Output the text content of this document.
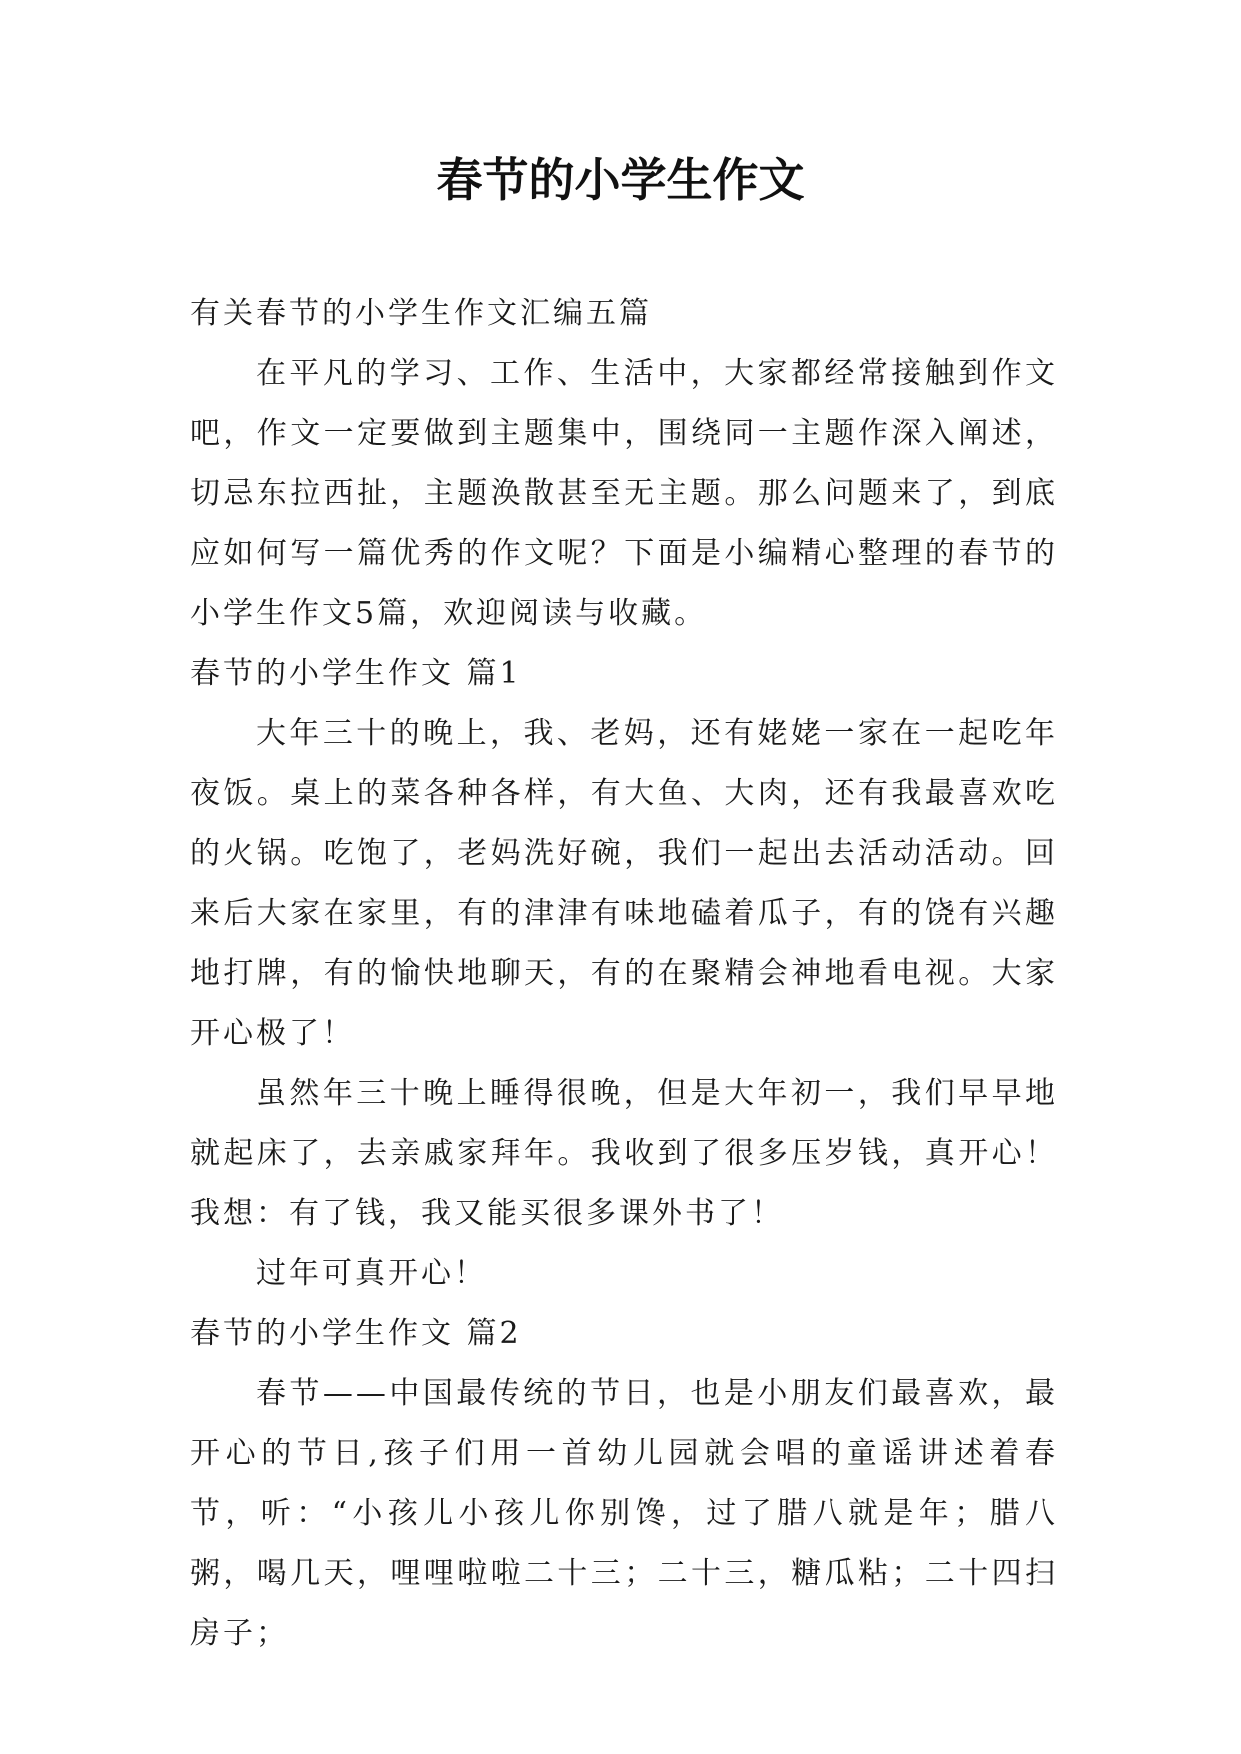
春节的小学生作文

有关春节的小学生作文汇编五篇

在平凡的学习、工作、生活中，大家都经常接触到作文吧，作文一定要做到主题集中，围绕同一主题作深入阐述，切忌东拉西扯，主题涣散甚至无主题。那么问题来了，到底应如何写一篇优秀的作文呢？下面是小编精心整理的春节的小学生作文5篇，欢迎阅读与收藏。

春节的小学生作文 篇1

大年三十的晚上，我、老妈，还有姥姥一家在一起吃年夜饭。桌上的菜各种各样，有大鱼、大肉，还有我最喜欢吃的火锅。吃饱了，老妈洗好碗，我们一起出去活动活动。回来后大家在家里，有的津津有味地磕着瓜子，有的饶有兴趣地打牌，有的愉快地聊天，有的在聚精会神地看电视。大家开心极了！

虽然年三十晚上睡得很晚，但是大年初一，我们早早地就起床了，去亲戚家拜年。我收到了很多压岁钱，真开心！我想：有了钱，我又能买很多课外书了！

过年可真开心！

春节的小学生作文 篇2

春节——中国最传统的节日，也是小朋友们最喜欢，最开心的节日,孩子们用一首幼儿园就会唱的童谣讲述着春节，听：“小孩儿小孩儿你别馋，过了腊八就是年；腊八粥，喝几天，哩哩啦啦二十三；二十三，糖瓜粘；二十四扫房子；
